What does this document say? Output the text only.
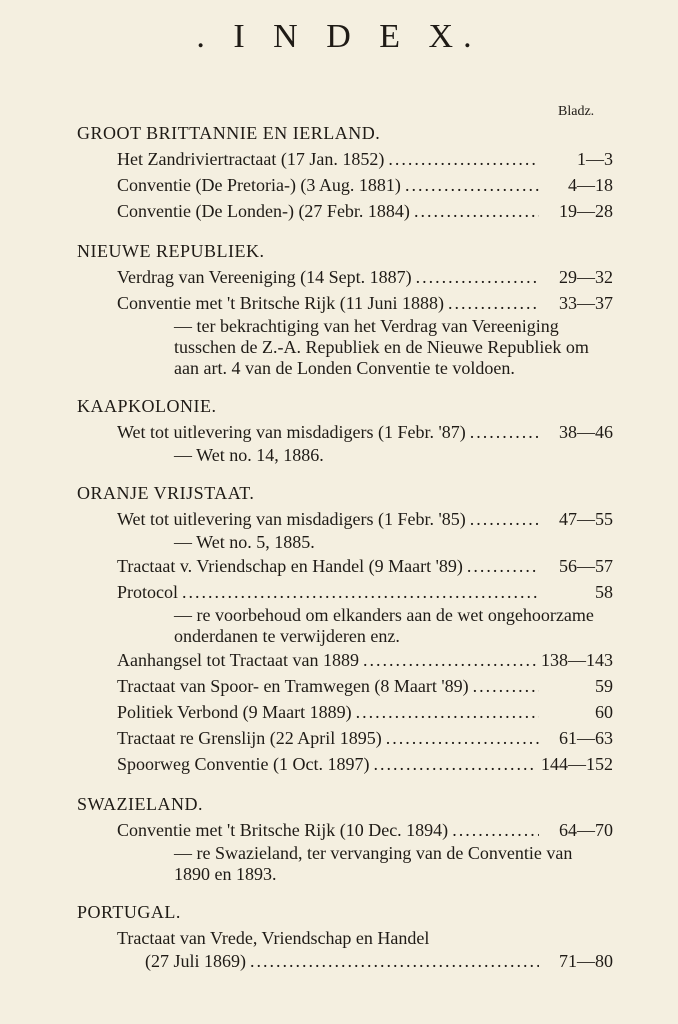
. I N D E X.
Bladz.
GROOT BRITTANNIE EN IERLAND.
Het Zandriviertractaat (17 Jan. 1852) .....	1—3
Conventie (De Pretoria-) (3 Aug. 1881) .....	4—18
Conventie (De Londen-) (27 Febr. 1884) .....	19—28
NIEUWE REPUBLIEK.
Verdrag van Vereeniging (14 Sept. 1887) .....	29—32
Conventie met 't Britsche Rijk (11 Juni 1888) .....	33—37
— ter bekrachtiging van het Verdrag van Vereeniging tusschen de Z.-A. Republiek en de Nieuwe Republiek om aan art. 4 van de Londen Conventie te voldoen.
KAAPKOLONIE.
Wet tot uitlevering van misdadigers (1 Febr. '87) .....	38—46
— Wet no. 14, 1886.
ORANJE VRIJSTAAT.
Wet tot uitlevering van misdadigers (1 Febr. '85) .....	47—55
— Wet no. 5, 1885.
Tractaat v. Vriendschap en Handel (9 Maart '89) .....	56—57
Protocol .....	58
— re voorbehoud om elkanders aan de wet ongehoorzame onderdanen te verwijderen enz.
Aanhangsel tot Tractaat van 1889 .....	138—143
Tractaat van Spoor- en Tramwegen (8 Maart '89) .....	59
Politiek Verbond (9 Maart 1889) .....	60
Tractaat re Grenslijn (22 April 1895) .....	61—63
Spoorweg Conventie (1 Oct. 1897) .....	144—152
SWAZIELAND.
Conventie met 't Britsche Rijk (10 Dec. 1894) .....	64—70
— re Swazieland, ter vervanging van de Conventie van 1890 en 1893.
PORTUGAL.
Tractaat van Vrede, Vriendschap en Handel
(27 Juli 1869) .....	71—80
